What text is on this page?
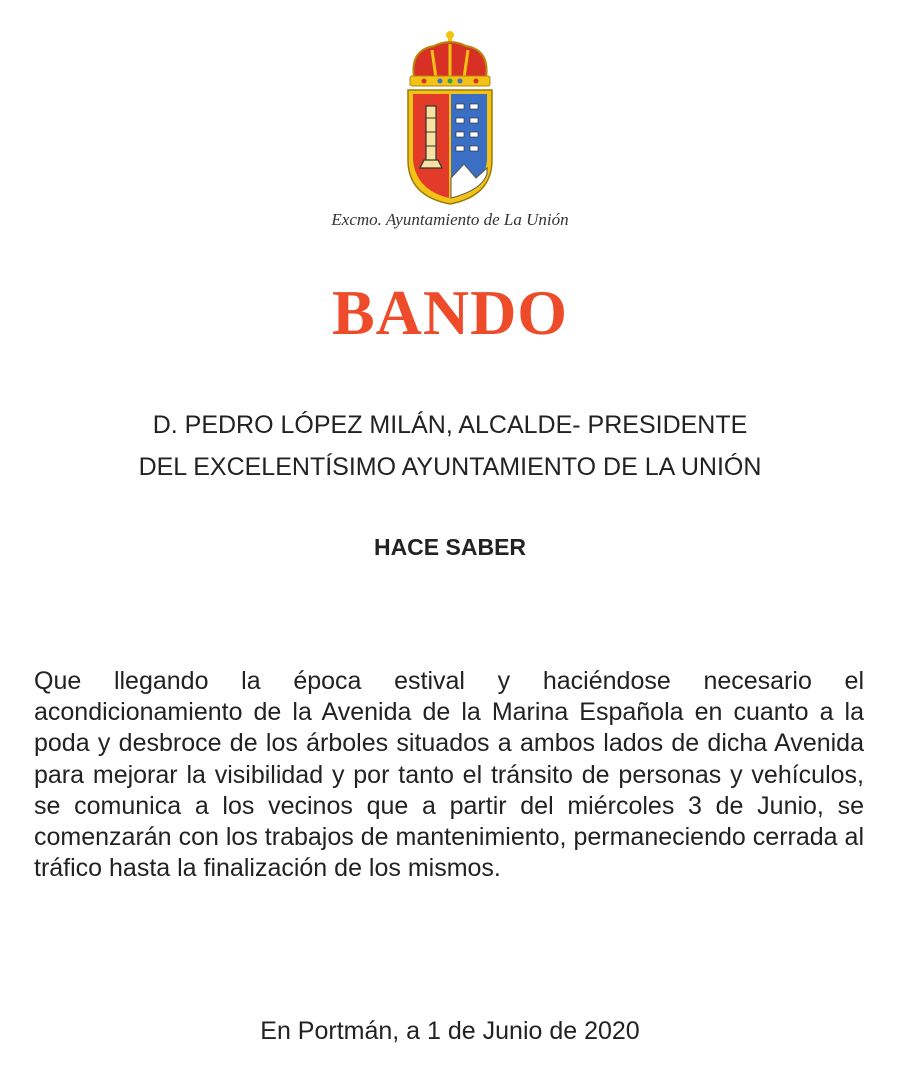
Excmo. Ayuntamiento de La Unión
BANDO
D. PEDRO LÓPEZ MILÁN, ALCALDE- PRESIDENTE
DEL EXCELENTÍSIMO AYUNTAMIENTO DE LA UNIÓN
HACE SABER
Que llegando la época estival y haciéndose necesario el acondicionamiento de la Avenida de la Marina Española en cuanto a la poda y desbroce de los árboles situados a ambos lados de dicha Avenida para mejorar la visibilidad y por tanto el tránsito de personas y vehículos, se comunica a los vecinos que a partir del miércoles 3 de Junio, se comenzarán con los trabajos de mantenimiento, permaneciendo cerrada al tráfico hasta la finalización de los mismos.
En Portmán, a 1 de Junio de 2020
